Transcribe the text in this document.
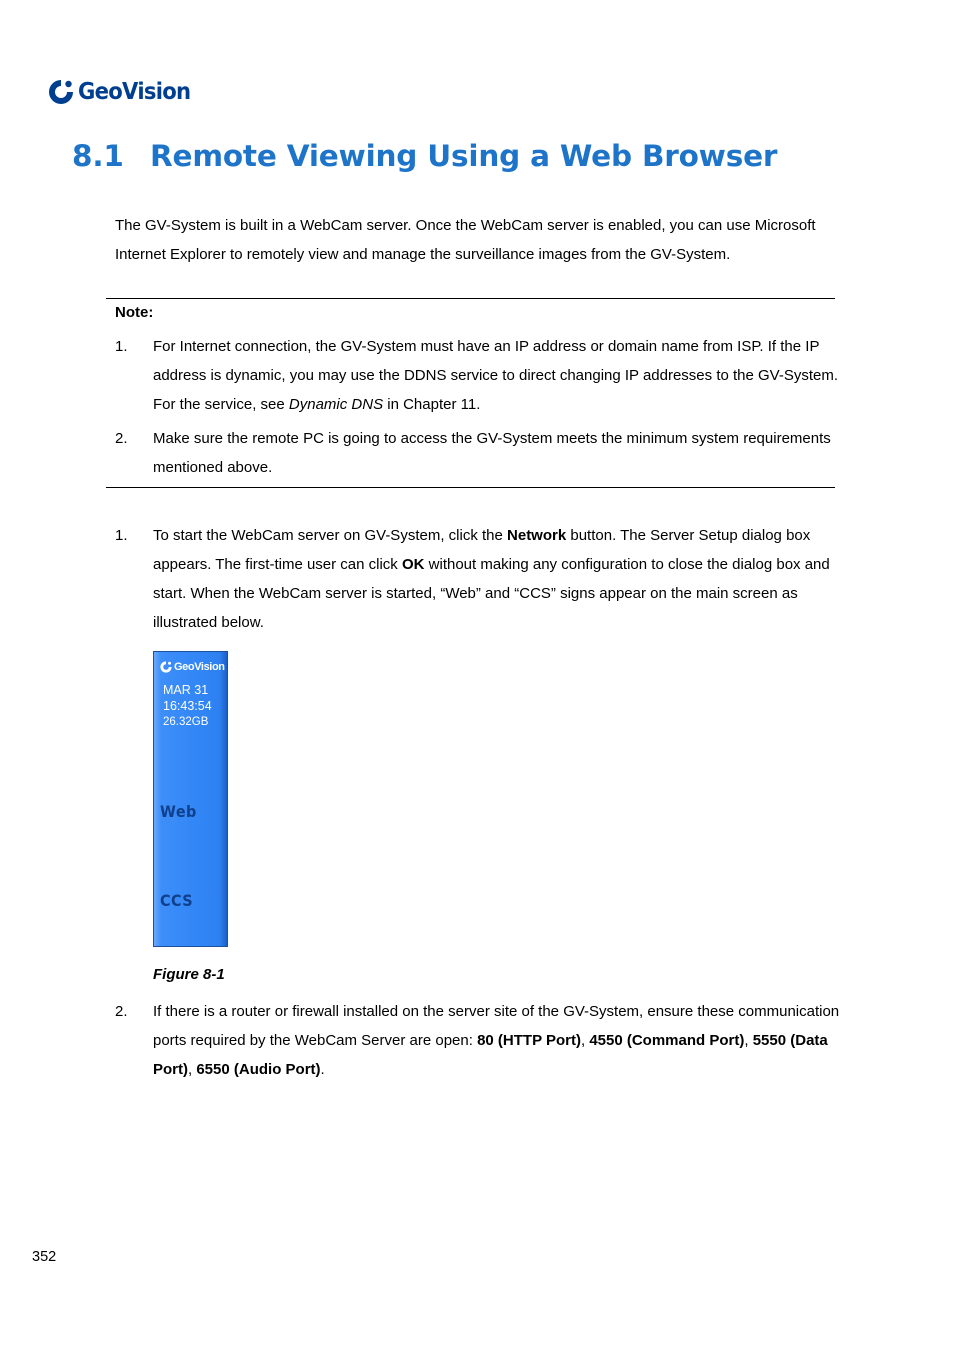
GeoVision
8.1 Remote Viewing Using a Web Browser

The GV-System is built in a WebCam server. Once the WebCam server is enabled, you can use Microsoft Internet Explorer to remotely view and manage the surveillance images from the GV-System.

Note:
1. For Internet connection, the GV-System must have an IP address or domain name from ISP. If the IP address is dynamic, you may use the DDNS service to direct changing IP addresses to the GV-System. For the service, see Dynamic DNS in Chapter 11.
2. Make sure the remote PC is going to access the GV-System meets the minimum system requirements mentioned above.
1. To start the WebCam server on GV-System, click the Network button. The Server Setup dialog box appears. The first-time user can click OK without making any configuration to close the dialog box and start. When the WebCam server is started, “Web” and “CCS” signs appear on the main screen as illustrated below.
GeoVision
MAR 31
16:43:54
26.32GB
Web
CCS
Figure 8-1
2. If there is a router or firewall installed on the server site of the GV-System, ensure these communication ports required by the WebCam Server are open: 80 (HTTP Port), 4550 (Command Port), 5550 (Data Port), 6550 (Audio Port).
352
